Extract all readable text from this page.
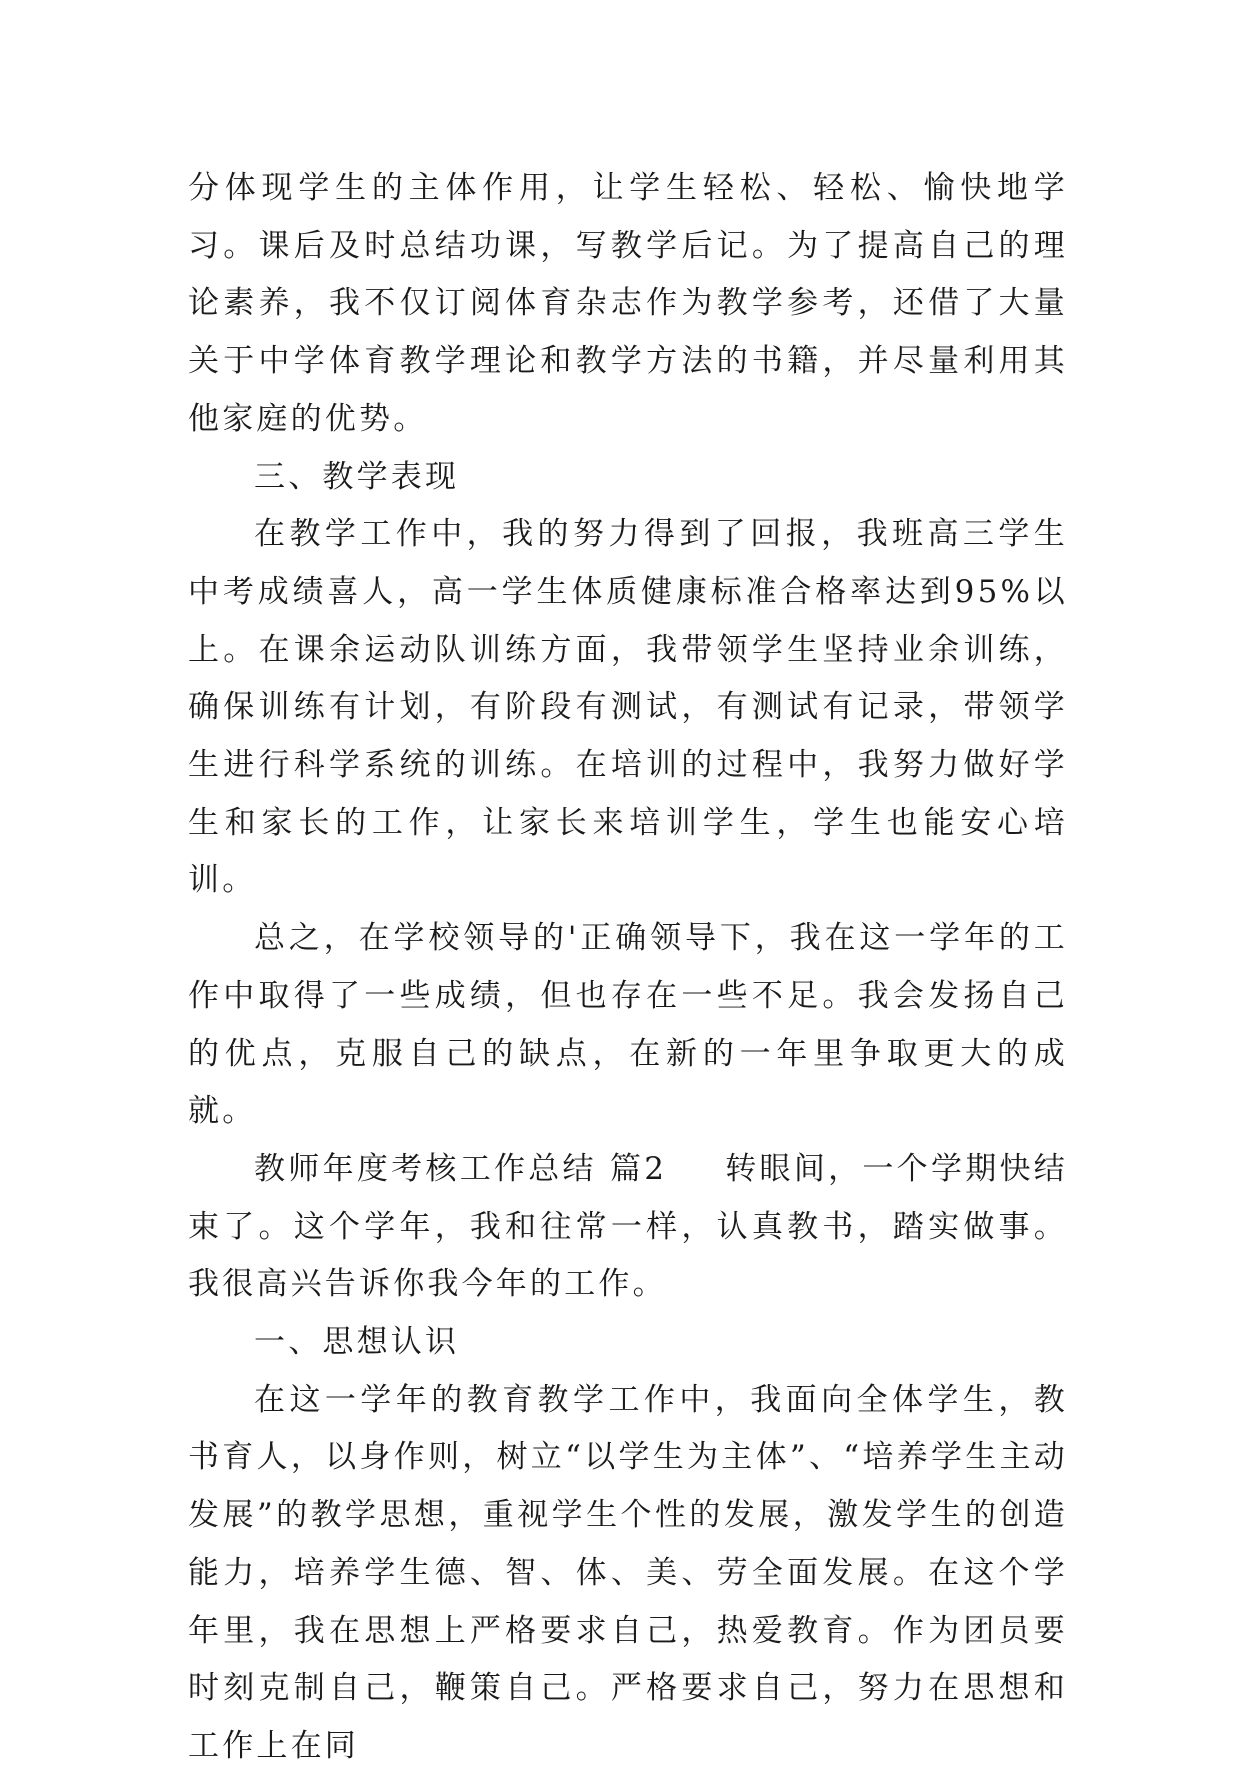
分体现学生的主体作用，让学生轻松、轻松、愉快地学习。课后及时总结功课，写教学后记。为了提高自己的理论素养，我不仅订阅体育杂志作为教学参考，还借了大量关于中学体育教学理论和教学方法的书籍，并尽量利用其他家庭的优势。

三、教学表现

在教学工作中，我的努力得到了回报，我班高三学生中考成绩喜人，高一学生体质健康标准合格率达到95%以上。在课余运动队训练方面，我带领学生坚持业余训练，确保训练有计划，有阶段有测试，有测试有记录，带领学生进行科学系统的训练。在培训的过程中，我努力做好学生和家长的工作，让家长来培训学生，学生也能安心培训。

总之，在学校领导的'正确领导下，我在这一学年的工作中取得了一些成绩，但也存在一些不足。我会发扬自己的优点，克服自己的缺点，在新的一年里争取更大的成就。

教师年度考核工作总结 篇2 转眼间，一个学期快结束了。这个学年，我和往常一样，认真教书，踏实做事。我很高兴告诉你我今年的工作。

一、思想认识

在这一学年的教育教学工作中，我面向全体学生，教书育人，以身作则，树立“以学生为主体”、“培养学生主动发展”的教学思想，重视学生个性的发展，激发学生的创造能力，培养学生德、智、体、美、劳全面发展。在这个学年里，我在思想上严格要求自己，热爱教育。作为团员要时刻克制自己，鞭策自己。严格要求自己，努力在思想和工作上在同
